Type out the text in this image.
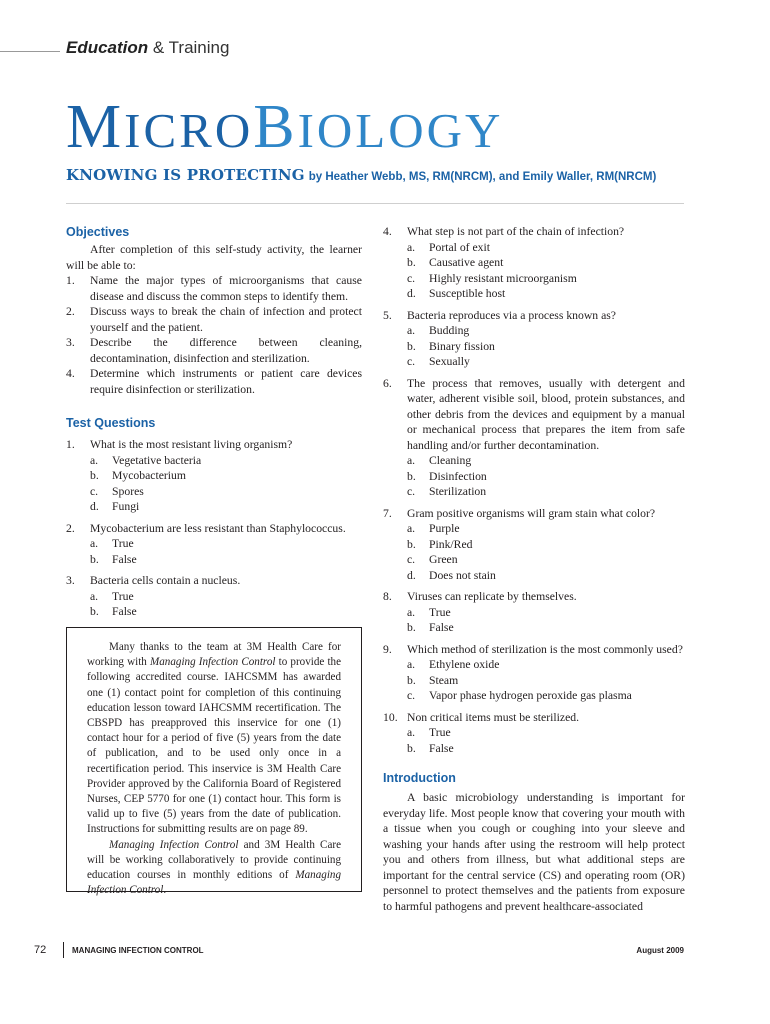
Education & Training
MICROBIOLOGY
KNOWING IS PROTECTING by Heather Webb, MS, RM(NRCM), and Emily Waller, RM(NRCM)
Objectives

After completion of this self-study activity, the learner will be able to:

1. Name the major types of microorganisms that cause disease and discuss the common steps to identify them.
2. Discuss ways to break the chain of infection and protect yourself and the patient.
3. Describe the difference between cleaning, decontamination, disinfection and sterilization.
4. Determine which instruments or patient care devices require disinfection or sterilization.
Test Questions
1. What is the most resistant living organism?
a. Vegetative bacteria
b. Mycobacterium
c. Spores
d. Fungi
2. Mycobacterium are less resistant than Staphylococcus.
a. True
b. False
3. Bacteria cells contain a nucleus.
a. True
b. False

Many thanks to the team at 3M Health Care for working with Managing Infection Control to provide the following accredited course. IAHCSMM has awarded one (1) contact point for completion of this continuing education lesson toward IAHCSMM recertification. The CBSPD has preapproved this inservice for one (1) contact hour for a period of five (5) years from the date of publication, and to be used only once in a recertification period. This inservice is 3M Health Care Provider approved by the California Board of Registered Nurses, CEP 5770 for one (1) contact hour. This form is valid up to five (5) years from the date of publication. Instructions for submitting results are on page 89.

Managing Infection Control and 3M Health Care will be working collaboratively to provide continuing education courses in monthly editions of Managing Infection Control.

4. What step is not part of the chain of infection?
a. Portal of exit
b. Causative agent
c. Highly resistant microorganism
d. Susceptible host
5. Bacteria reproduces via a process known as?
a. Budding
b. Binary fission
c. Sexually
6. The process that removes, usually with detergent and water, adherent visible soil, blood, protein substances, and other debris from the devices and equipment by a manual or mechanical process that prepares the item from safe handling and/or further decontamination.
a. Cleaning
b. Disinfection
c. Sterilization
7. Gram positive organisms will gram stain what color?
a. Purple
b. Pink/Red
c. Green
d. Does not stain
8. Viruses can replicate by themselves.
a. True
b. False
9. Which method of sterilization is the most commonly used?
a. Ethylene oxide
b. Steam
c. Vapor phase hydrogen peroxide gas plasma
10. Non critical items must be sterilized.
a. True
b. False
Introduction

A basic microbiology understanding is important for everyday life. Most people know that covering your mouth with a tissue when you cough or coughing into your sleeve and washing your hands after using the restroom will help protect you and others from illness, but what additional steps are important for the central service (CS) and operating room (OR) personnel to protect themselves and the patients from exposure to harmful pathogens and prevent healthcare-associated

72	MANAGING INFECTION CONTROL	August 2009
